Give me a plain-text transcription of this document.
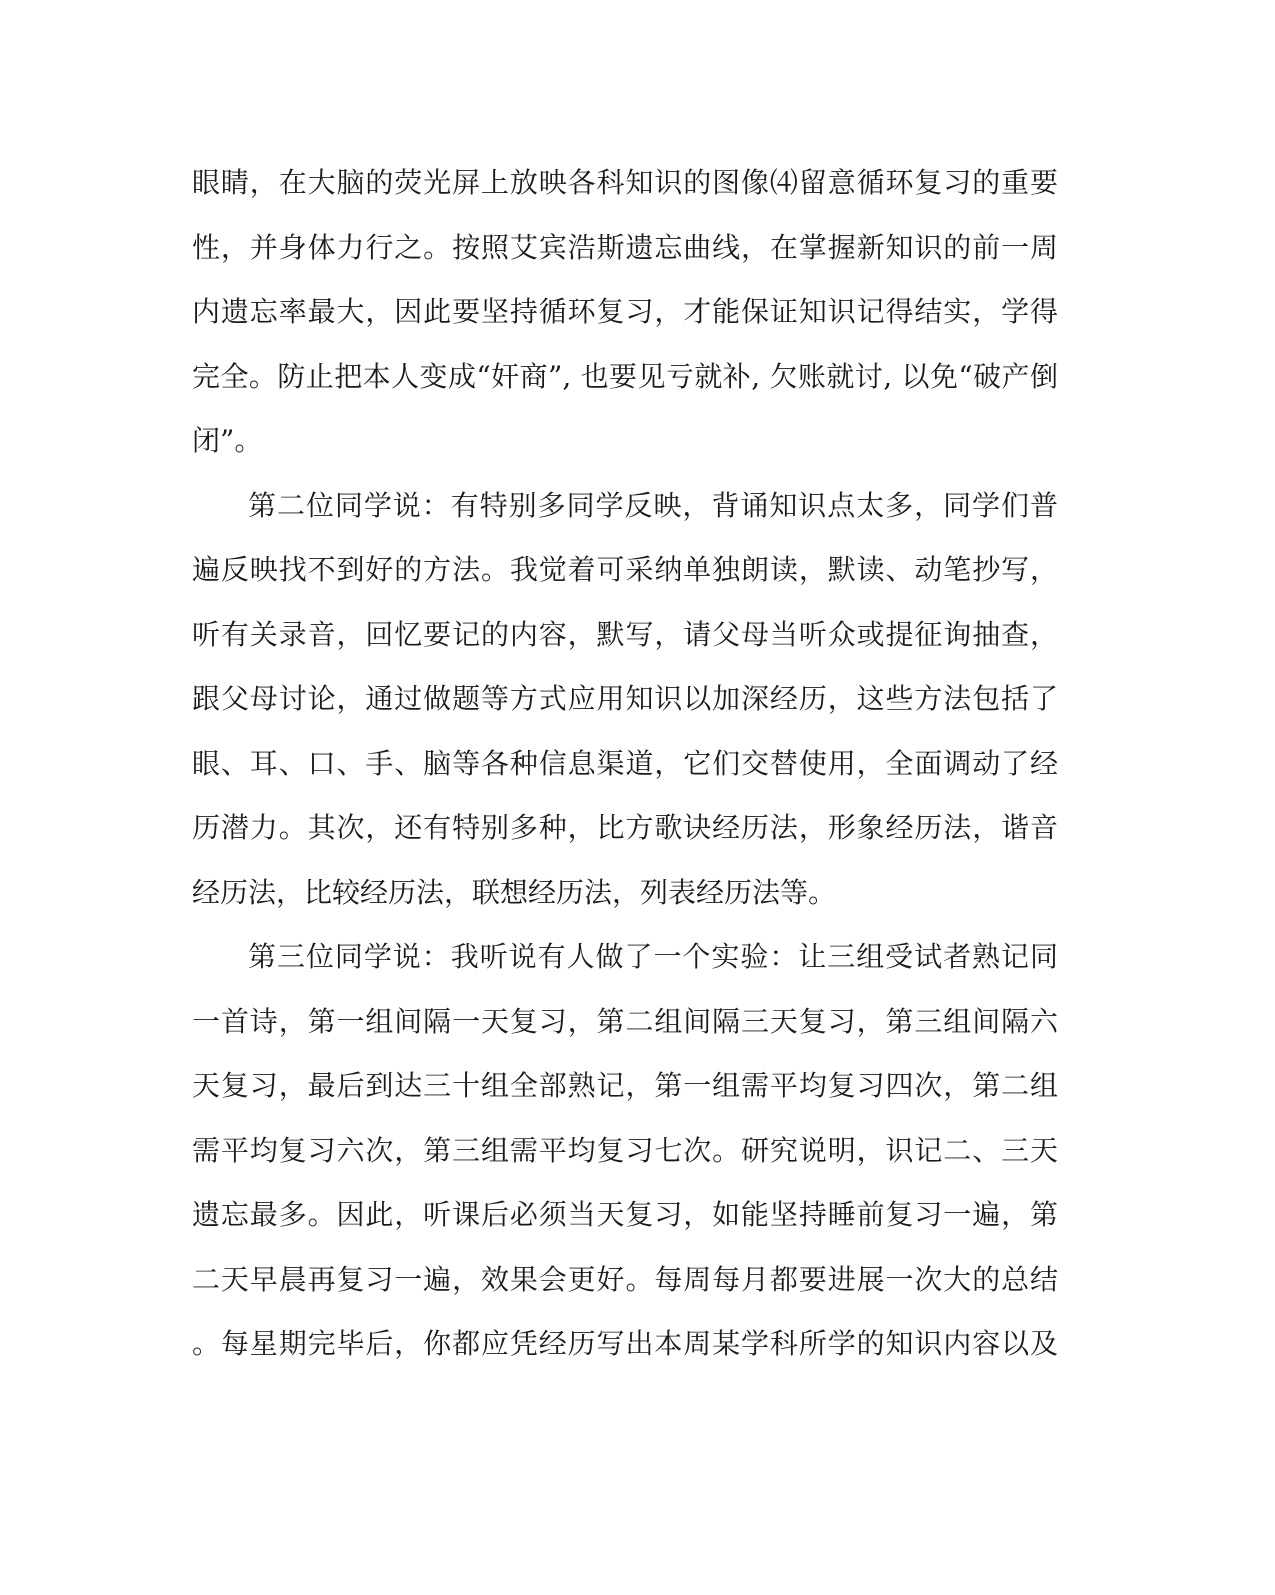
眼睛，在大脑的荧光屏上放映各科知识的图像⑷留意循环复习的重要
性，并身体力行之。按照艾宾浩斯遗忘曲线，在掌握新知识的前一周
内遗忘率最大，因此要坚持循环复习，才能保证知识记得结实，学得
完全。防止把本人变成“奸商”, 也要见亏就补, 欠账就讨, 以免“破产倒
闭”。
第二位同学说：有特别多同学反映，背诵知识点太多，同学们普
遍反映找不到好的方法。我觉着可采纳单独朗读，默读、动笔抄写，
听有关录音，回忆要记的内容，默写，请父母当听众或提征询抽查，
跟父母讨论，通过做题等方式应用知识以加深经历，这些方法包括了
眼、耳、口、手、脑等各种信息渠道，它们交替使用，全面调动了经
历潜力。其次，还有特别多种，比方歌诀经历法，形象经历法，谐音
经历法，比较经历法，联想经历法，列表经历法等。
第三位同学说：我听说有人做了一个实验：让三组受试者熟记同
一首诗，第一组间隔一天复习，第二组间隔三天复习，第三组间隔六
天复习，最后到达三十组全部熟记，第一组需平均复习四次，第二组
需平均复习六次，第三组需平均复习七次。研究说明，识记二、三天
遗忘最多。因此，听课后必须当天复习，如能坚持睡前复习一遍，第
二天早晨再复习一遍，效果会更好。每周每月都要进展一次大的总结
。每星期完毕后，你都应凭经历写出本周某学科所学的知识内容以及
